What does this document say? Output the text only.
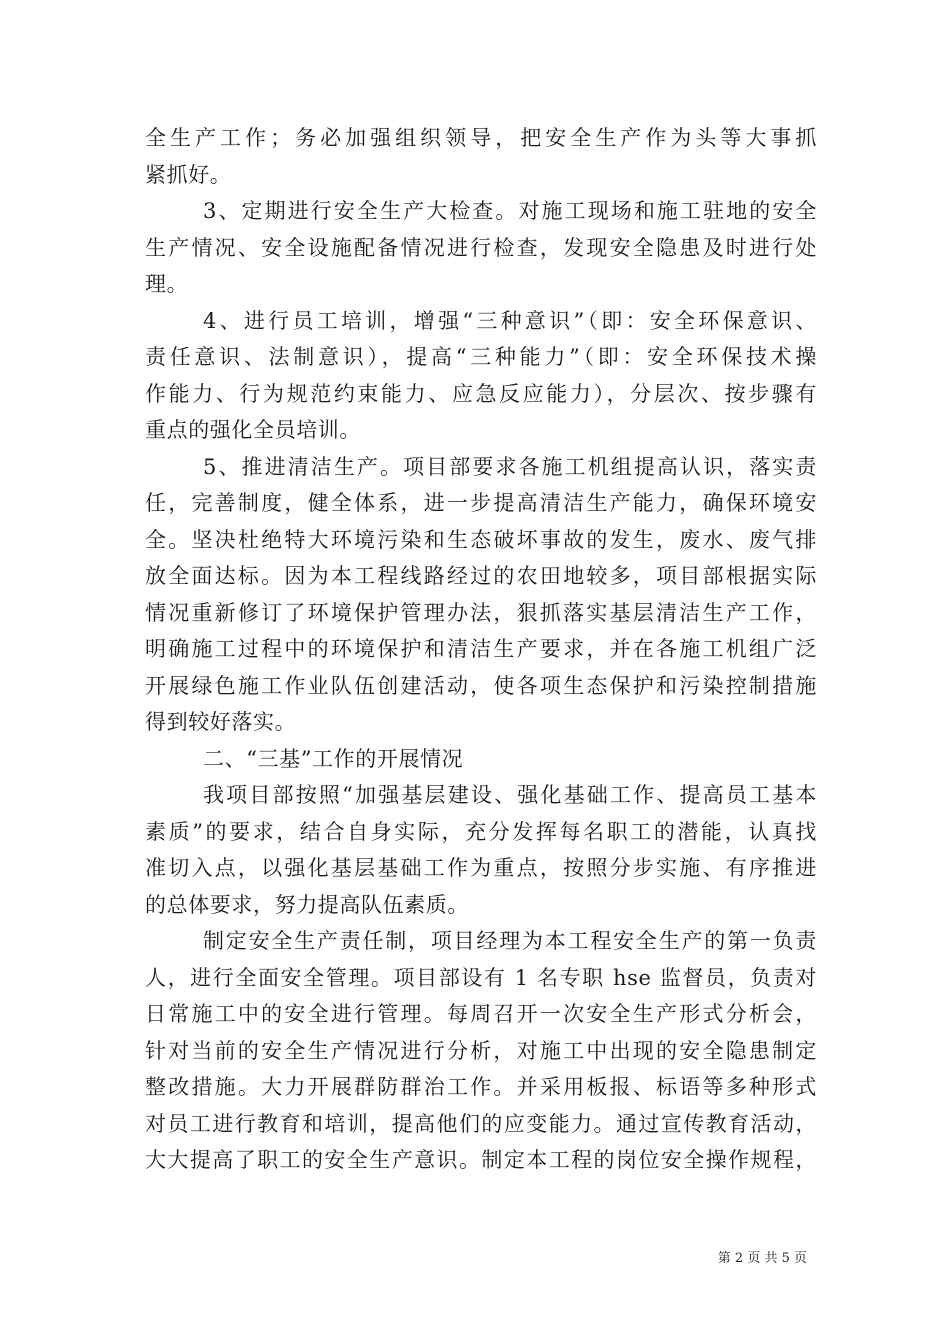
全生产工作；务必加强组织领导，把安全生产作为头等大事抓
紧抓好。
3、定期进行安全生产大检查。对施工现场和施工驻地的安全
生产情况、安全设施配备情况进行检查，发现安全隐患及时进行处
理。
4、进行员工培训，增强“三种意识”（即：安全环保意识、
责任意识、法制意识），提高“三种能力”（即：安全环保技术操
作能力、行为规范约束能力、应急反应能力），分层次、按步骤有
重点的强化全员培训。
5、推进清洁生产。项目部要求各施工机组提高认识，落实责
任，完善制度，健全体系，进一步提高清洁生产能力，确保环境安
全。坚决杜绝特大环境污染和生态破坏事故的发生，废水、废气排
放全面达标。因为本工程线路经过的农田地较多，项目部根据实际
情况重新修订了环境保护管理办法，狠抓落实基层清洁生产工作，
明确施工过程中的环境保护和清洁生产要求，并在各施工机组广泛
开展绿色施工作业队伍创建活动，使各项生态保护和污染控制措施
得到较好落实。
二、“三基”工作的开展情况
我项目部按照“加强基层建设、强化基础工作、提高员工基本
素质”的要求，结合自身实际，充分发挥每名职工的潜能，认真找
准切入点，以强化基层基础工作为重点，按照分步实施、有序推进
的总体要求，努力提高队伍素质。
制定安全生产责任制，项目经理为本工程安全生产的第一负责
人，进行全面安全管理。项目部设有 1 名专职 hse 监督员，负责对
日常施工中的安全进行管理。每周召开一次安全生产形式分析会，
针对当前的安全生产情况进行分析，对施工中出现的安全隐患制定
整改措施。大力开展群防群治工作。并采用板报、标语等多种形式
对员工进行教育和培训，提高他们的应变能力。通过宣传教育活动，
大大提高了职工的安全生产意识。制定本工程的岗位安全操作规程，
第 2 页 共 5 页
